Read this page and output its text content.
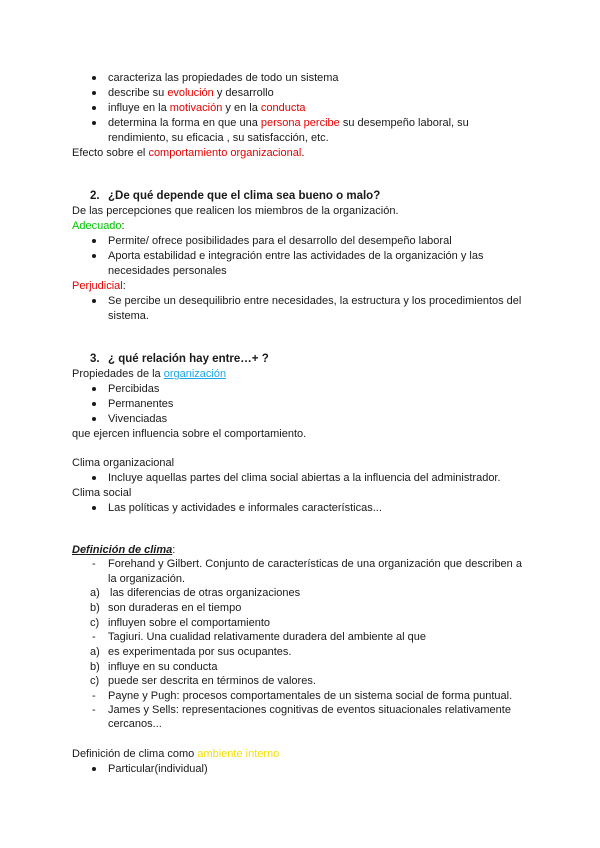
caracteriza las propiedades de todo un sistema
describe su evolución y desarrollo
influye en la motivación y en la conducta
determina la forma en que una persona percibe su desempeño laboral, su
rendimiento, su eficacia , su satisfacción, etc.
Efecto sobre el comportamiento organizacional.
2. ¿De qué depende que el clima sea bueno o malo?
De las percepciones que realicen los miembros de la organización.
Adecuado:
Permite/ ofrece posibilidades para el desarrollo del desempeño laboral
Aporta estabilidad e integración entre las actividades de la organización y las
necesidades personales
Perjudicial:
Se percibe un desequilibrio entre necesidades, la estructura y los procedimientos del
sistema.
3. ¿ qué relación hay entre…+ ?
Propiedades de la organización
Percibidas
Permanentes
Vivenciadas
que ejercen influencia sobre el comportamiento.
Clima organizacional
Incluye aquellas partes del clima social abiertas a la influencia del administrador.
Clima social
Las políticas y actividades e informales características...
Definición de clima:
- Forehand y Gilbert. Conjunto de características de una organización que describen a
la organización.
a) las diferencias de otras organizaciones
b) son duraderas en el tiempo
c) influyen sobre el comportamiento
- Tagiuri. Una cualidad relativamente duradera del ambiente al que
a) es experimentada por sus ocupantes.
b) influye en su conducta
c) puede ser descrita en términos de valores.
- Payne y Pugh: procesos comportamentales de un sistema social de forma puntual.
- James y Sells: representaciones cognitivas de eventos situacionales relativamente
cercanos...
Definición de clima como ambiente interno
Particular(individual)
